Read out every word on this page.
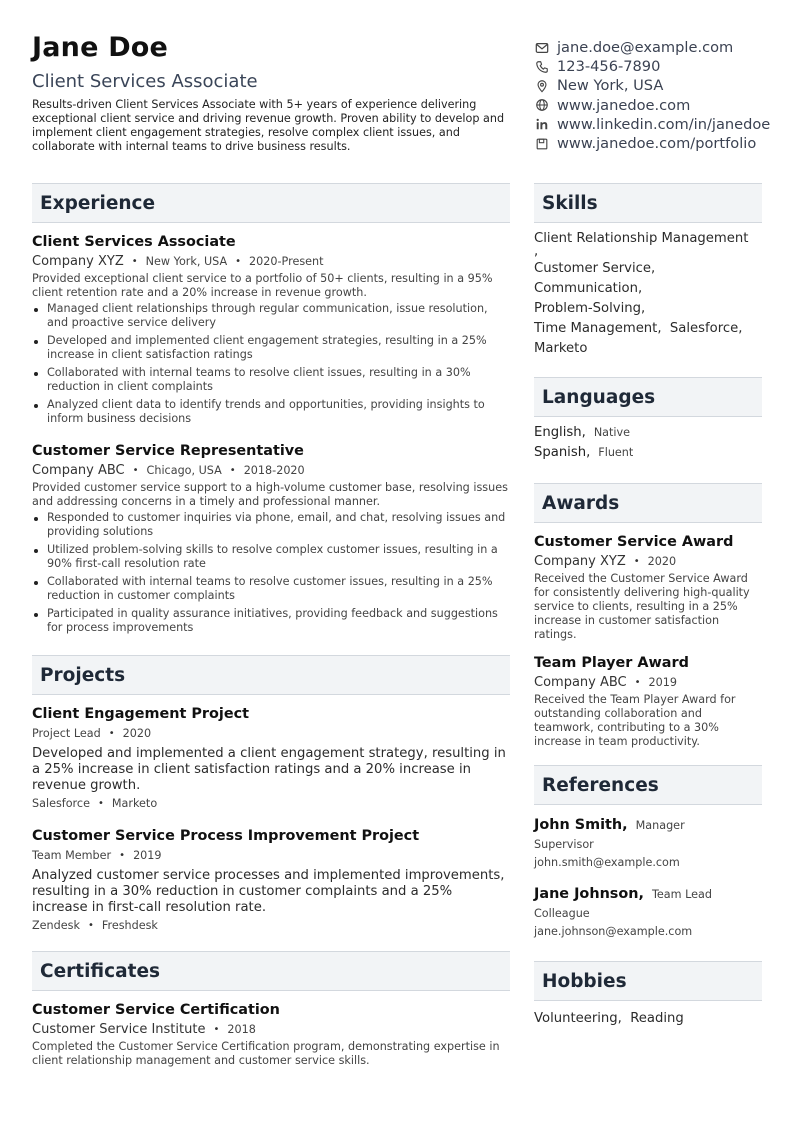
Jane Doe
Client Services Associate
Results-driven Client Services Associate with 5+ years of experience delivering exceptional client service and driving revenue growth. Proven ability to develop and implement client engagement strategies, resolve complex client issues, and collaborate with internal teams to drive business results.
jane.doe@example.com
123-456-7890
New York, USA
www.janedoe.com
www.linkedin.com/in/janedoe
www.janedoe.com/portfolio
Experience
Client Services Associate
Company XYZ • New York, USA • 2020-Present
Provided exceptional client service to a portfolio of 50+ clients, resulting in a 95% client retention rate and a 20% increase in revenue growth.
Managed client relationships through regular communication, issue resolution, and proactive service delivery
Developed and implemented client engagement strategies, resulting in a 25% increase in client satisfaction ratings
Collaborated with internal teams to resolve client issues, resulting in a 30% reduction in client complaints
Analyzed client data to identify trends and opportunities, providing insights to inform business decisions
Customer Service Representative
Company ABC • Chicago, USA • 2018-2020
Provided customer service support to a high-volume customer base, resolving issues and addressing concerns in a timely and professional manner.
Responded to customer inquiries via phone, email, and chat, resolving issues and providing solutions
Utilized problem-solving skills to resolve complex customer issues, resulting in a 90% first-call resolution rate
Collaborated with internal teams to resolve customer issues, resulting in a 25% reduction in customer complaints
Participated in quality assurance initiatives, providing feedback and suggestions for process improvements
Projects
Client Engagement Project
Project Lead • 2020
Developed and implemented a client engagement strategy, resulting in a 25% increase in client satisfaction ratings and a 20% increase in revenue growth.
Salesforce • Marketo
Customer Service Process Improvement Project
Team Member • 2019
Analyzed customer service processes and implemented improvements, resulting in a 30% reduction in customer complaints and a 25% increase in first-call resolution rate.
Zendesk • Freshdesk
Certificates
Customer Service Certification
Customer Service Institute • 2018
Completed the Customer Service Certification program, demonstrating expertise in client relationship management and customer service skills.
Skills
Client Relationship Management
,
Customer Service,
Communication,
Problem-Solving,
Time Management,  Salesforce,
Marketo
Languages
English, Native
Spanish, Fluent
Awards
Customer Service Award
Company XYZ • 2020
Received the Customer Service Award for consistently delivering high-quality service to clients, resulting in a 25% increase in customer satisfaction ratings.
Team Player Award
Company ABC • 2019
Received the Team Player Award for outstanding collaboration and teamwork, contributing to a 30% increase in team productivity.
References
John Smith, Manager
Supervisor
john.smith@example.com
Jane Johnson, Team Lead
Colleague
jane.johnson@example.com
Hobbies
Volunteering,  Reading
